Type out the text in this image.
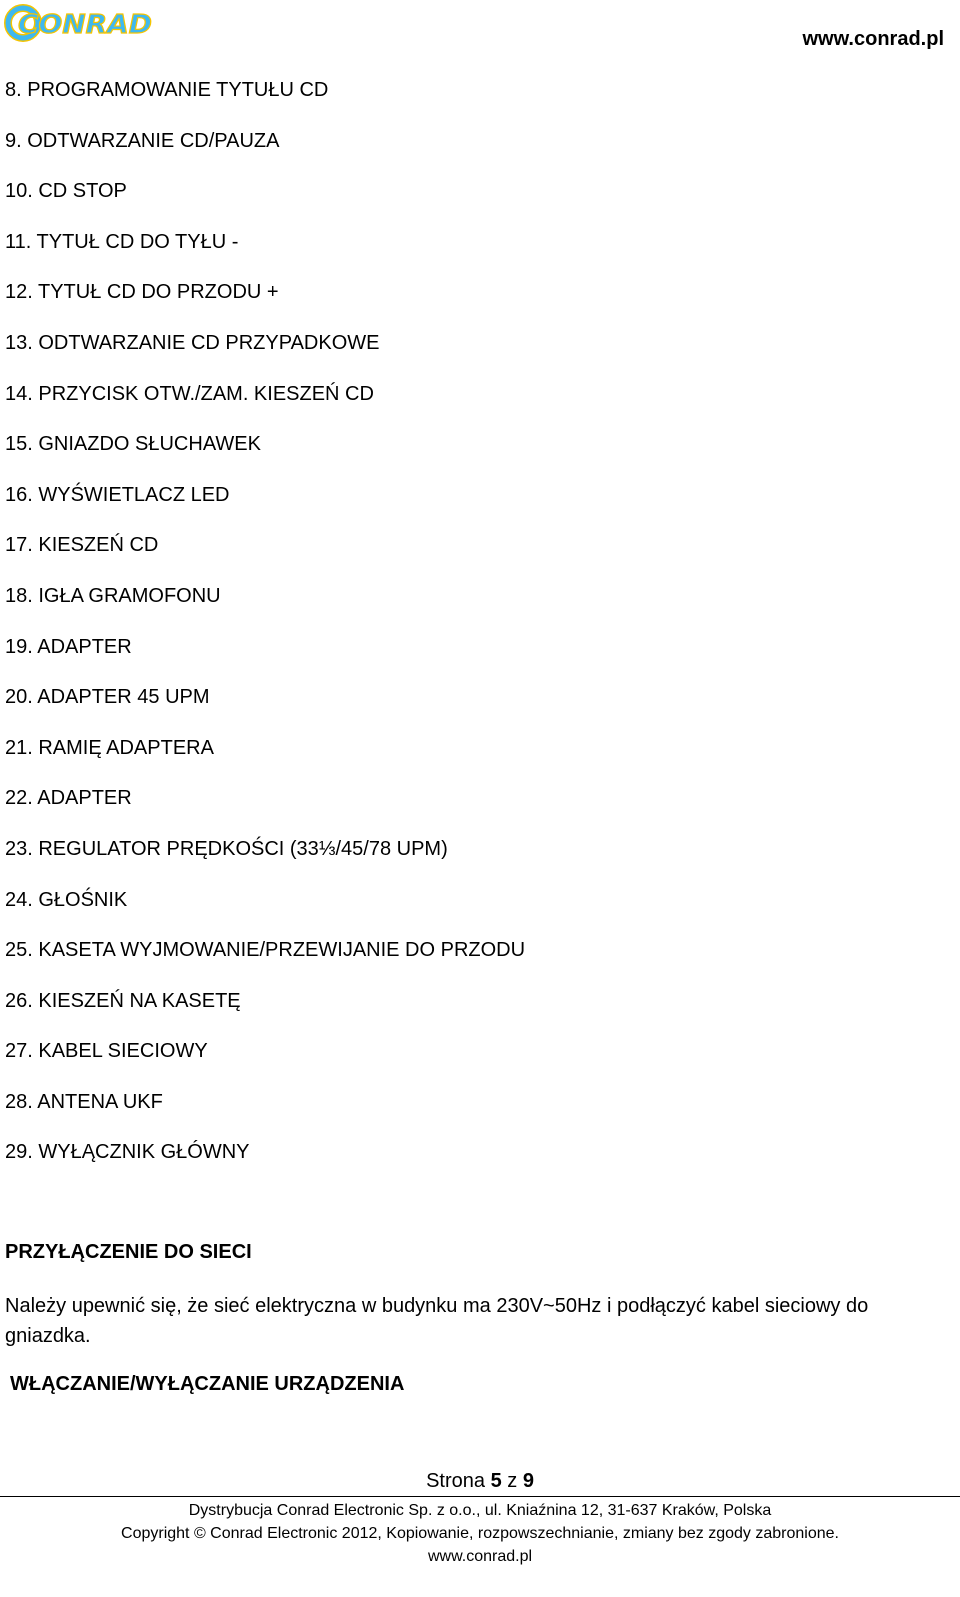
CONRAD	www.conrad.pl
8. PROGRAMOWANIE TYTUŁU CD
9. ODTWARZANIE CD/PAUZA
10. CD STOP
11. TYTUŁ CD DO TYŁU -
12. TYTUŁ CD DO PRZODU +
13. ODTWARZANIE CD PRZYPADKOWE
14. PRZYCISK OTW./ZAM. KIESZEŃ CD
15. GNIAZDO SŁUCHAWEK
16. WYŚWIETLACZ LED
17. KIESZEŃ CD
18. IGŁA GRAMOFONU
19. ADAPTER
20. ADAPTER 45 UPM
21. RAMIĘ ADAPTERA
22. ADAPTER
23. REGULATOR PRĘDKOŚCI (33⅓/45/78 UPM)
24. GŁOŚNIK
25. KASETA WYJMOWANIE/PRZEWIJANIE DO PRZODU
26. KIESZEŃ NA KASETĘ
27. KABEL SIECIOWY
28. ANTENA UKF
29. WYŁĄCZNIK GŁÓWNY
PRZYŁĄCZENIE DO SIECI
Należy upewnić się, że sieć elektryczna w budynku ma 230V~50Hz i podłączyć kabel sieciowy do gniazdka.
WŁĄCZANIE/WYŁĄCZANIE URZĄDZENIA
Strona 5 z 9
Dystrybucja Conrad Electronic Sp. z o.o., ul. Kniaźnina 12, 31-637 Kraków, Polska
Copyright © Conrad Electronic 2012, Kopiowanie, rozpowszechnianie, zmiany bez zgody zabronione.
www.conrad.pl
